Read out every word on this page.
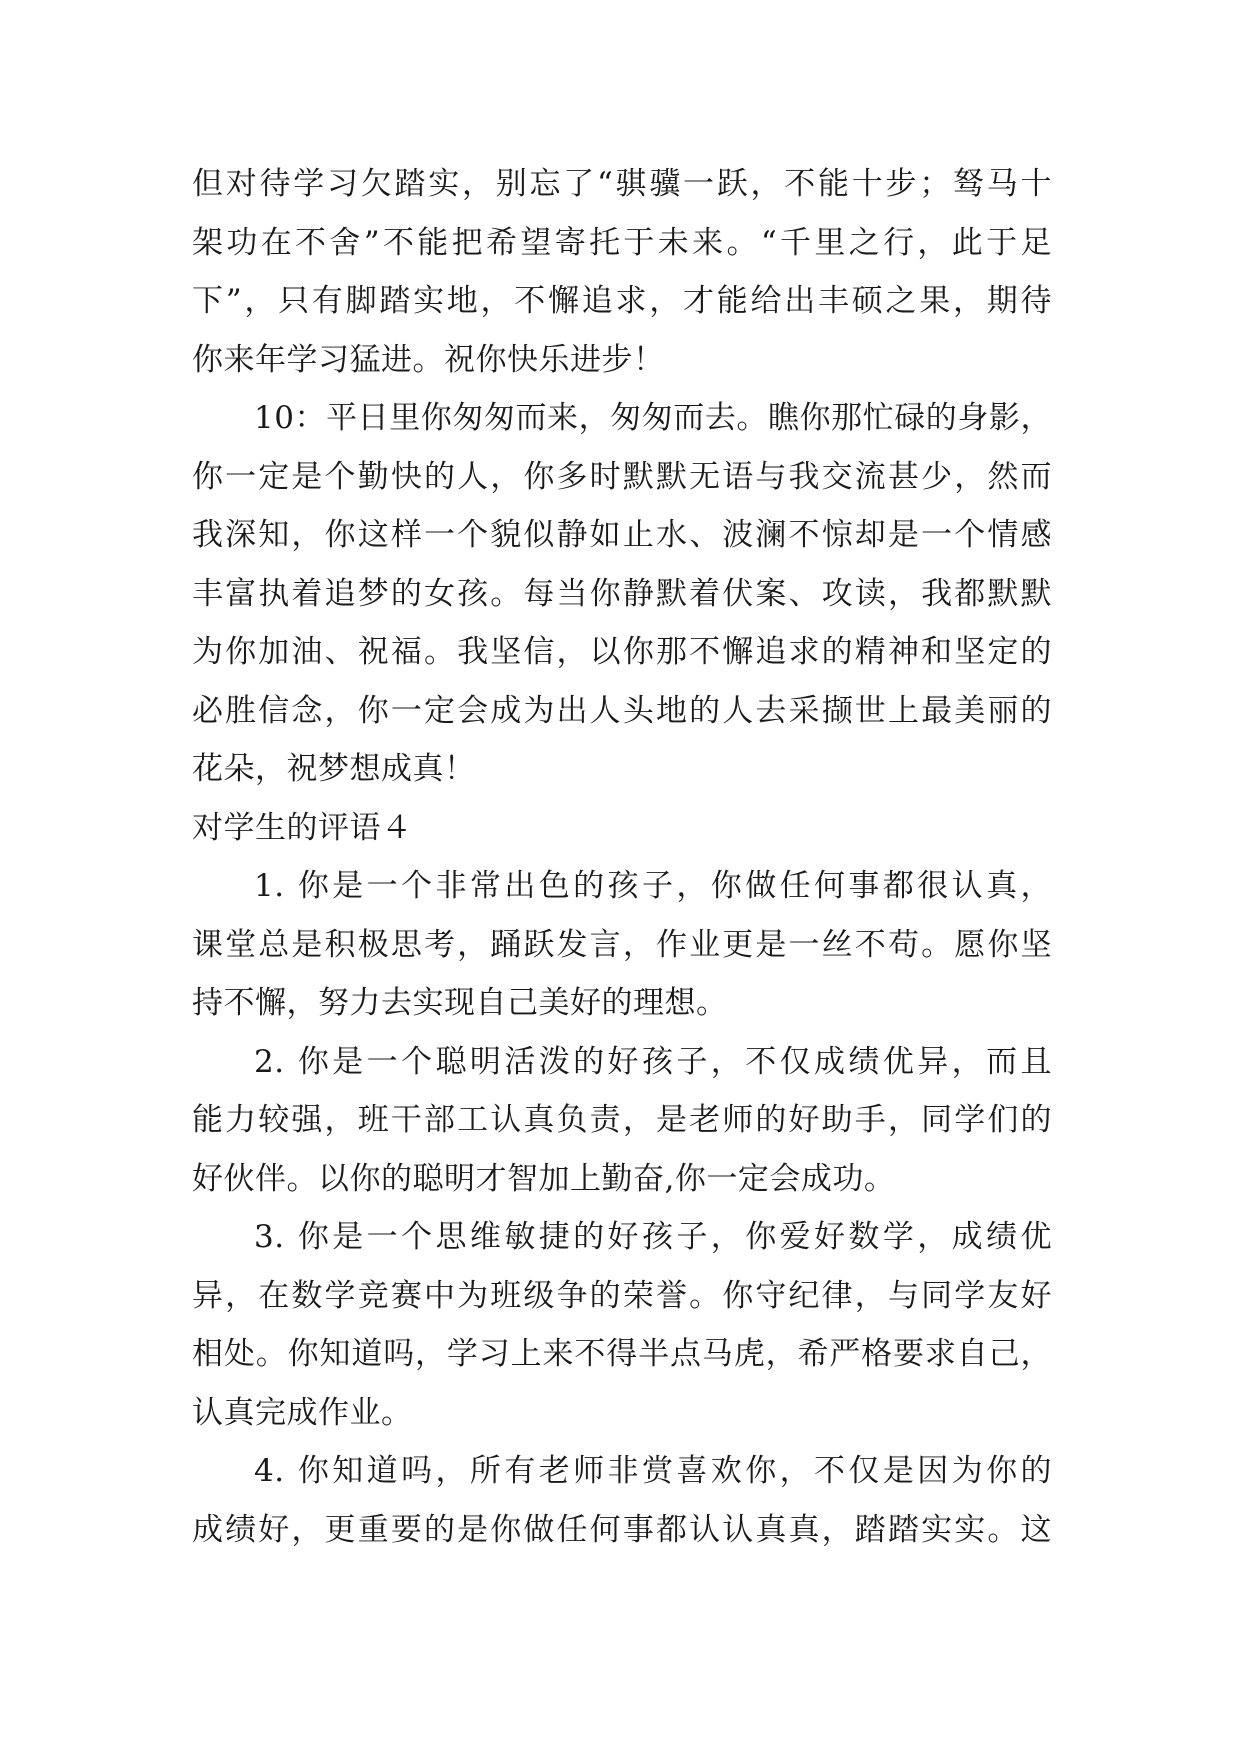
但对待学习欠踏实，别忘了“骐骥一跃，不能十步；驽马十
架功在不舍”不能把希望寄托于未来。“千里之行，此于足
下”，只有脚踏实地，不懈追求，才能给出丰硕之果，期待
你来年学习猛进。祝你快乐进步！
10：平日里你匆匆而来，匆匆而去。瞧你那忙碌的身影，
你一定是个勤快的人，你多时默默无语与我交流甚少，然而
我深知，你这样一个貌似静如止水、波澜不惊却是一个情感
丰富执着追梦的女孩。每当你静默着伏案、攻读，我都默默
为你加油、祝福。我坚信，以你那不懈追求的精神和坚定的
必胜信念，你一定会成为出人头地的人去采撷世上最美丽的
花朵，祝梦想成真！
对学生的评语４
1. 你是一个非常出色的孩子，你做任何事都很认真，
课堂总是积极思考，踊跃发言，作业更是一丝不苟。愿你坚
持不懈，努力去实现自己美好的理想。
2. 你是一个聪明活泼的好孩子，不仅成绩优异，而且
能力较强，班干部工认真负责，是老师的好助手，同学们的
好伙伴。以你的聪明才智加上勤奋,你一定会成功。
3. 你是一个思维敏捷的好孩子，你爱好数学，成绩优
异，在数学竞赛中为班级争的荣誉。你守纪律，与同学友好
相处。你知道吗，学习上来不得半点马虎，希严格要求自己，
认真完成作业。
4. 你知道吗，所有老师非赏喜欢你，不仅是因为你的
成绩好，更重要的是你做任何事都认认真真，踏踏实实。这
